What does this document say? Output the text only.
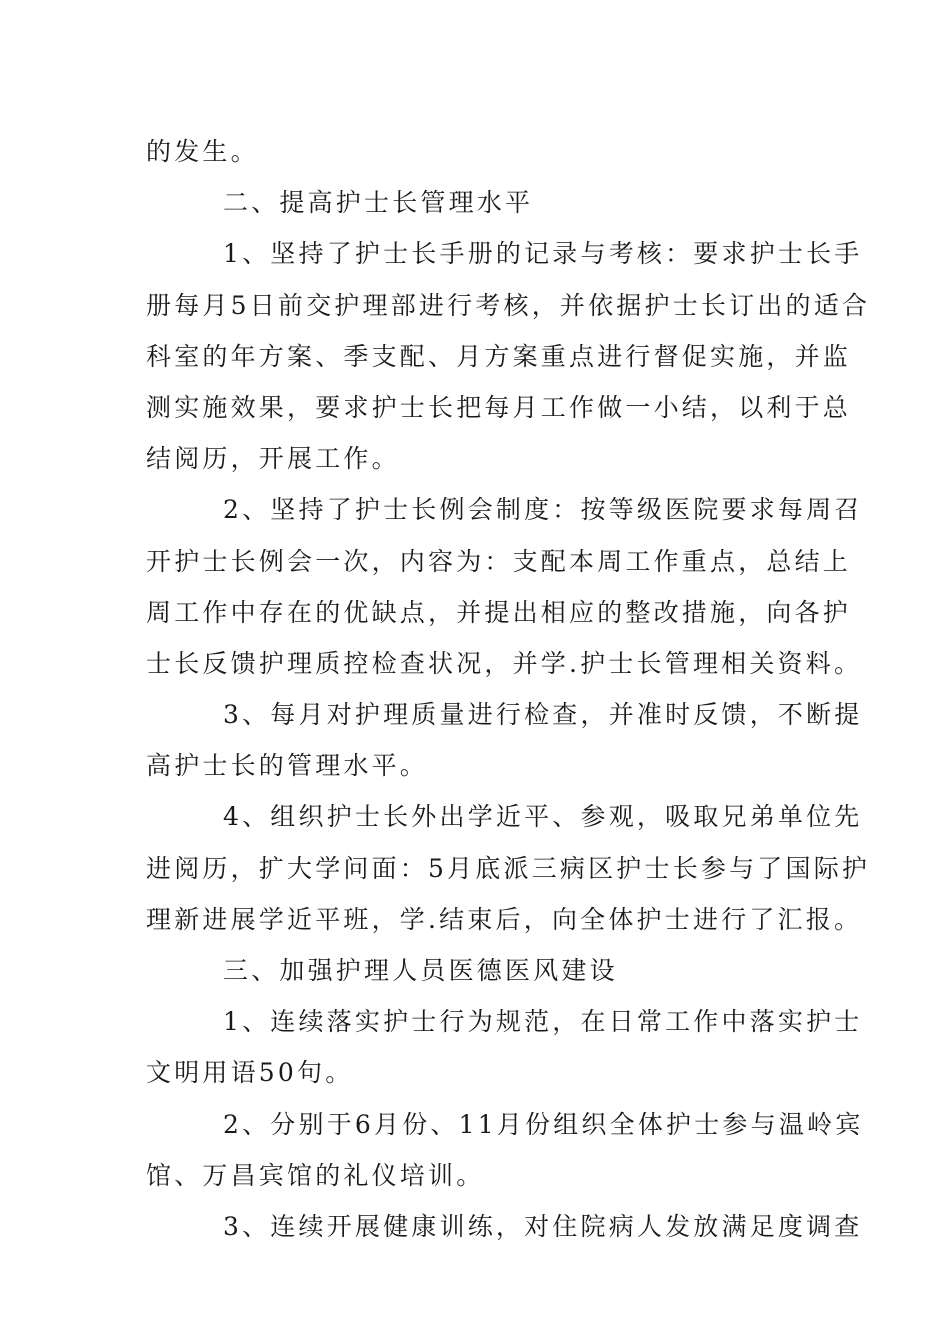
的发生。
二、提高护士长管理水平
1、坚持了护士长手册的记录与考核：要求护士长手
册每月5日前交护理部进行考核，并依据护士长订出的适合
科室的年方案、季支配、月方案重点进行督促实施，并监
测实施效果，要求护士长把每月工作做一小结，以利于总
结阅历，开展工作。
2、坚持了护士长例会制度：按等级医院要求每周召
开护士长例会一次，内容为：支配本周工作重点，总结上
周工作中存在的优缺点，并提出相应的整改措施，向各护
士长反馈护理质控检查状况，并学.护士长管理相关资料。
3、每月对护理质量进行检查，并准时反馈，不断提
高护士长的管理水平。
4、组织护士长外出学近平、参观，吸取兄弟单位先
进阅历，扩大学问面：5月底派三病区护士长参与了国际护
理新进展学近平班，学.结束后，向全体护士进行了汇报。
三、加强护理人员医德医风建设
1、连续落实护士行为规范，在日常工作中落实护士
文明用语50句。
2、分别于6月份、11月份组织全体护士参与温岭宾
馆、万昌宾馆的礼仪培训。
3、连续开展健康训练，对住院病人发放满足度调查
